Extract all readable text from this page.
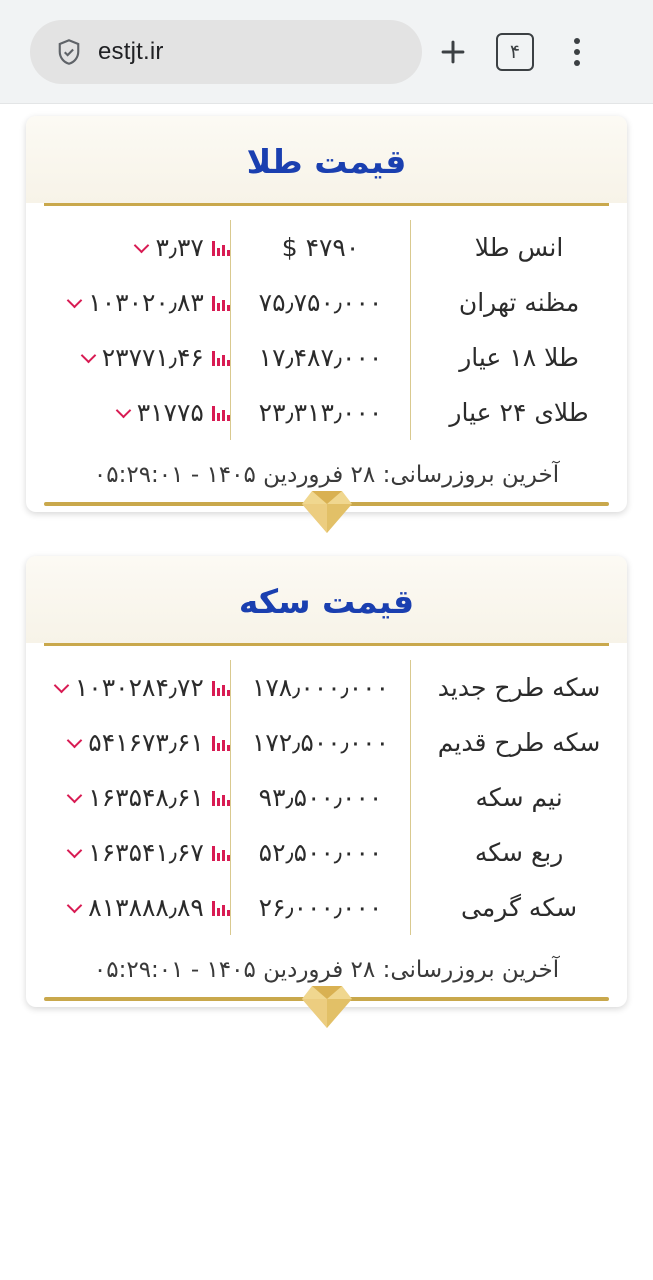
estjt.ir	۴
قیمت طلا
انس طلا	۴۷۹۰ $	۳٫۳۷

مظنه تهران	۷۵٫۷۵۰٫۰۰۰	۱۰۳۰۲۰٫۸۳

طلا ۱۸ عیار	۱۷٫۴۸۷٫۰۰۰	۲۳۷۷۱٫۴۶

طلای ۲۴ عیار	۲۳٫۳۱۳٫۰۰۰	۳۱۷۷۵
آخرین بروزرسانی: ۲۸ فروردین ۱۴۰۵ - ۰۵:۲۹:۰۱
قیمت سکه
سکه طرح جدید	۱۷۸٫۰۰۰٫۰۰۰	۱۰۳۰۲۸۴٫۷۲

سکه طرح قدیم	۱۷۲٫۵۰۰٫۰۰۰	۵۴۱۶۷۳٫۶۱

نیم سکه	۹۳٫۵۰۰٫۰۰۰	۱۶۳۵۴۸٫۶۱

ربع سکه	۵۲٫۵۰۰٫۰۰۰	۱۶۳۵۴۱٫۶۷

سکه گرمی	۲۶٫۰۰۰٫۰۰۰	۸۱۳۸۸۸٫۸۹
آخرین بروزرسانی: ۲۸ فروردین ۱۴۰۵ - ۰۵:۲۹:۰۱
